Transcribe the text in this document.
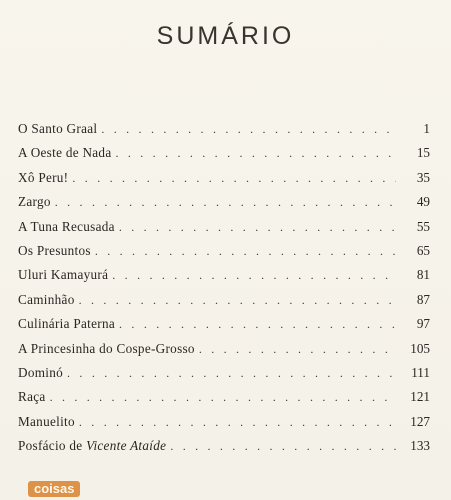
SUMÁRIO
O Santo Graal . . .	1
A Oeste de Nada . . .	15
Xô Peru! . . .	35
Zargo . . .	49
A Tuna Recusada . . .	55
Os Presuntos . . .	65
Uluri Kamayurá . . .	81
Caminhão . . .	87
Culinária Paterna . . .	97
A Princesinha do Cospe-Grosso . . .	105
Dominó . . .	111
Raça . . .	121
Manuelito . . .	127
Posfácio de Vicente Ataíde . . .	133
coisas
